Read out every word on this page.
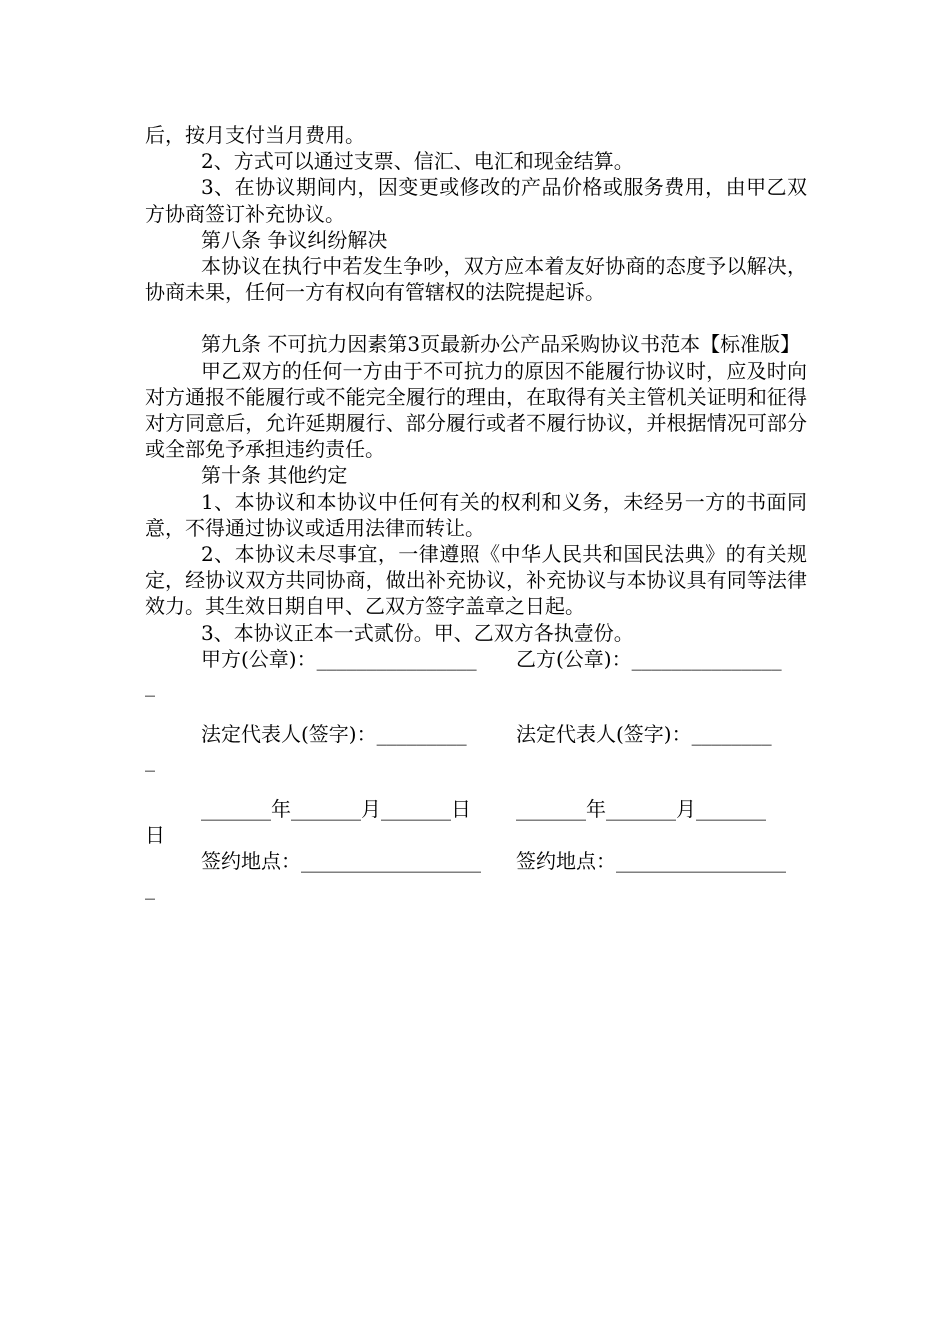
后，按月支付当月费用。

2、方式可以通过支票、信汇、电汇和现金结算。

3、在协议期间内，因变更或修改的产品价格或服务费用，由甲乙双方协商签订补充协议。

第八条 争议纠纷解决

本协议在执行中若发生争吵，双方应本着友好协商的态度予以解决，协商未果，任何一方有权向有管辖权的法院提起诉。

第九条 不可抗力因素第3页最新办公产品采购协议书范本【标准版】

甲乙双方的任何一方由于不可抗力的原因不能履行协议时，应及时向对方通报不能履行或不能完全履行的理由，在取得有关主管机关证明和征得对方同意后，允许延期履行、部分履行或者不履行协议，并根据情况可部分或全部免予承担违约责任。

第十条 其他约定

1、本协议和本协议中任何有关的权利和义务，未经另一方的书面同意，不得通过协议或适用法律而转让。

2、本协议未尽事宜，一律遵照《中华人民共和国民法典》的有关规定，经协议双方共同协商，做出补充协议，补充协议与本协议具有同等法律效力。其生效日期自甲、乙双方签字盖章之日起。

3、本协议正本一式贰份。甲、乙双方各执壹份。

甲方(公章)：________________	乙方(公章)：_______________
_
法定代表人(签字)：_________	法定代表人(签字)：________
_
_______年_______月_______日	_______年_______月_______
日
签约地点：__________________	签约地点：_________________
_
